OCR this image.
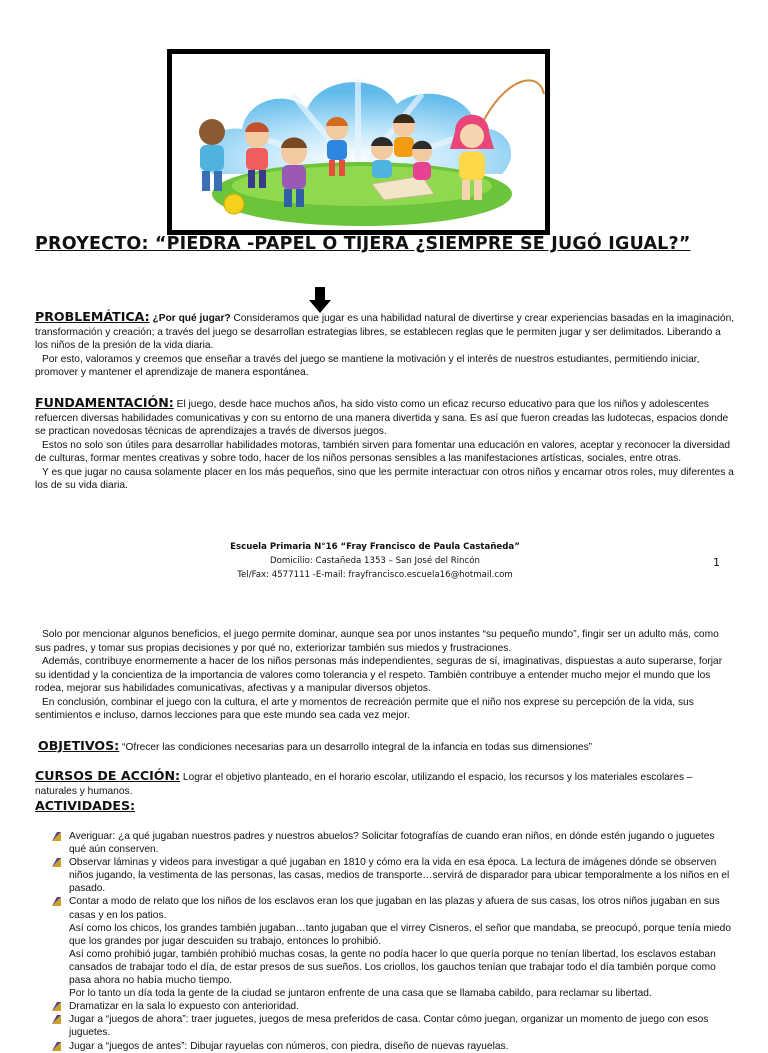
PROYECTO: “PIEDRA -PAPEL O TIJERA ¿SIEMPRE SE JUGÓ IGUAL?”
PROBLEMÁTICA: ¿Por qué jugar? Consideramos que jugar es una habilidad natural de divertirse y crear experiencias basadas en la imaginación, transformación y creación; a través del juego se desarrollan estrategias libres, se establecen reglas que le permiten jugar y ser delimitados. Liberando a los niños de la presión de la vida diaria.
Por esto, valoramos y creemos que enseñar a través del juego se mantiene la motivación y el interés de nuestros estudiantes, permitiendo iniciar, promover y mantener el aprendizaje de manera espontánea.
FUNDAMENTACIÓN: El juego, desde hace muchos años, ha sido visto como un eficaz recurso educativo para que los niños y adolescentes refuercen diversas habilidades comunicativas y con su entorno de una manera divertida y sana. Es así que fueron creadas las ludotecas, espacios donde se practican novedosas técnicas de aprendizajes a través de diversos juegos.
Estos no solo son útiles para desarrollar habilidades motoras, también sirven para fomentar una educación en valores, aceptar y reconocer la diversidad de culturas, formar mentes creativas y sobre todo, hacer de los niños personas sensibles a las manifestaciones artísticas, sociales, entre otras.
Y es que jugar no causa solamente placer en los más pequeños, sino que les permite interactuar con otros niños y encarnar otros roles, muy diferentes a los de su vida diaria.
Escuela Primaria N°16 “Fray Francisco de Paula Castañeda”
Domicilio: Castañeda 1353 – San José del Rincón
Tel/Fax: 4577111 -E-mail: frayfrancisco.escuela16@hotmail.com
1
Solo por mencionar algunos beneficios, el juego permite dominar, aunque sea por unos instantes “su pequeño mundo”, fingir ser un adulto más, como sus padres, y tomar sus propias decisiones y por qué no, exteriorizar también sus miedos y frustraciones.
Además, contribuye enormemente a hacer de los niños personas más independientes, seguras de sí, imaginativas, dispuestas a auto superarse, forjar su identidad y la concientiza de la importancia de valores como tolerancia y el respeto. También contribuye a entender mucho mejor el mundo que los rodea, mejorar sus habilidades comunicativas, afectivas y a manipular diversos objetos.
En conclusión, combinar el juego con la cultura, el arte y momentos de recreación permite que el niño nos exprese su percepción de la vida, sus sentimientos e incluso, darnos lecciones para que este mundo sea cada vez mejor.
OBJETIVOS: “Ofrecer las condiciones necesarias para un desarrollo integral de la infancia en todas sus dimensiones”
CURSOS DE ACCIÓN: Lograr el objetivo planteado, en el horario escolar, utilizando el espacio, los recursos y los materiales escolares – naturales y humanos.
ACTIVIDADES:
Averiguar: ¿a qué jugaban nuestros padres y nuestros abuelos? Solicitar fotografías de cuando eran niños, en dónde estén jugando o juguetes qué aún conserven.
Observar láminas y videos para investigar a qué jugaban en 1810 y cómo era la vida en esa época. La lectura de imágenes dónde se observen niños jugando, la vestimenta de las personas, las casas, medios de transporte…servirá de disparador para ubicar temporalmente a los niños en el pasado.
Contar a modo de relato que los niños de los esclavos eran los que jugaban en las plazas y afuera de sus casas, los otros niños jugaban en sus casas y en los patios.
Así como los chicos, los grandes también jugaban…tanto jugaban que el virrey Cisneros, el señor que mandaba, se preocupó, porque tenía miedo que los grandes por jugar descuiden su trabajo, entonces lo prohibió.
Así como prohibió jugar, también prohibió muchas cosas, la gente no podía hacer lo que quería porque no tenían libertad, los esclavos estaban cansados de trabajar todo el día, de estar presos de sus sueños. Los criollos, los gauchos tenían que trabajar todo el día también porque como pasa ahora no había mucho tiempo.
Por lo tanto un día toda la gente de la ciudad se juntaron enfrente de una casa que se llamaba cabildo, para reclamar su libertad.
Dramatizar en la sala lo expuesto con anterioridad.
Jugar a “juegos de ahora”: traer juguetes, juegos de mesa preferidos de casa. Contar cómo juegan, organizar un momento de juego con esos juguetes.
Jugar a “juegos de antes”: Dibujar rayuelas con números, con piedra, diseño de nuevas rayuelas.
